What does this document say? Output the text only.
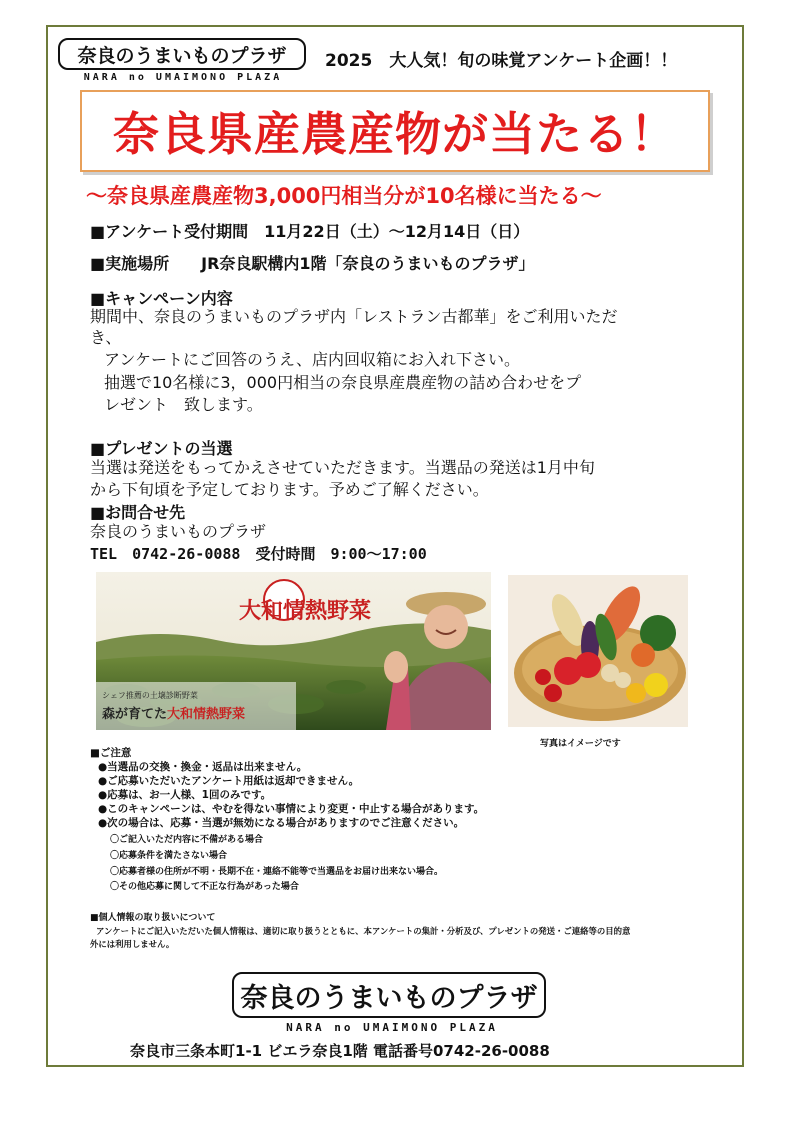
奈良のうまいものプラザ
NARA no UMAIMONO PLAZA
2025　大人気！旬の味覚アンケート企画！！
奈良県産農産物が当たる！
～奈良県産農産物3,000円相当分が10名様に当たる～
■アンケート受付期間　11月22日（土）～12月14日（日）
■実施場所　　JR奈良駅構内1階「奈良のうまいものプラザ」
■キャンペーン内容
期間中、奈良のうまいものプラザ内「レストラン古都華」をご利用いただ
き、
アンケートにご回答のうえ、店内回収箱にお入れ下さい。
抽選で10名様に3，000円相当の奈良県産農産物の詰め合わせをプ
レゼント　致します。
■プレゼントの当選
当選は発送をもってかえさせていただきます。当選品の発送は1月中旬
から下旬頃を予定しております。予めご了解ください。
■お問合せ先
奈良のうまいものプラザ
TEL　0742-26-0088　受付時間　9:00～17:00
大和情熱野菜
シェフ推薦の土壌診断野菜
森が育てた大和情熱野菜
写真はイメージです
■ご注意
●当選品の交換・換金・返品は出来ません。
●ご応募いただいたアンケート用紙は返却できません。
●応募は、お一人様、1回のみです。
●このキャンペーンは、やむを得ない事情により変更・中止する場合があります。
●次の場合は、応募・当選が無効になる場合がありますのでご注意ください。
〇ご記入いただ内容に不備がある場合
〇応募条件を満たさない場合
〇応募者様の住所が不明・長期不在・連絡不能等で当選品をお届け出来ない場合。
〇その他応募に関して不正な行為があった場合
■個人情報の取り扱いについて
アンケートにご記入いただいた個人情報は、適切に取り扱うとともに、本アンケートの集計・分析及び、プレゼントの発送・ご連絡等の目的意
外には利用しません。
奈良のうまいものプラザ
NARA no UMAIMONO PLAZA
奈良市三条本町1-1 ビエラ奈良1階 電話番号0742-26-0088
